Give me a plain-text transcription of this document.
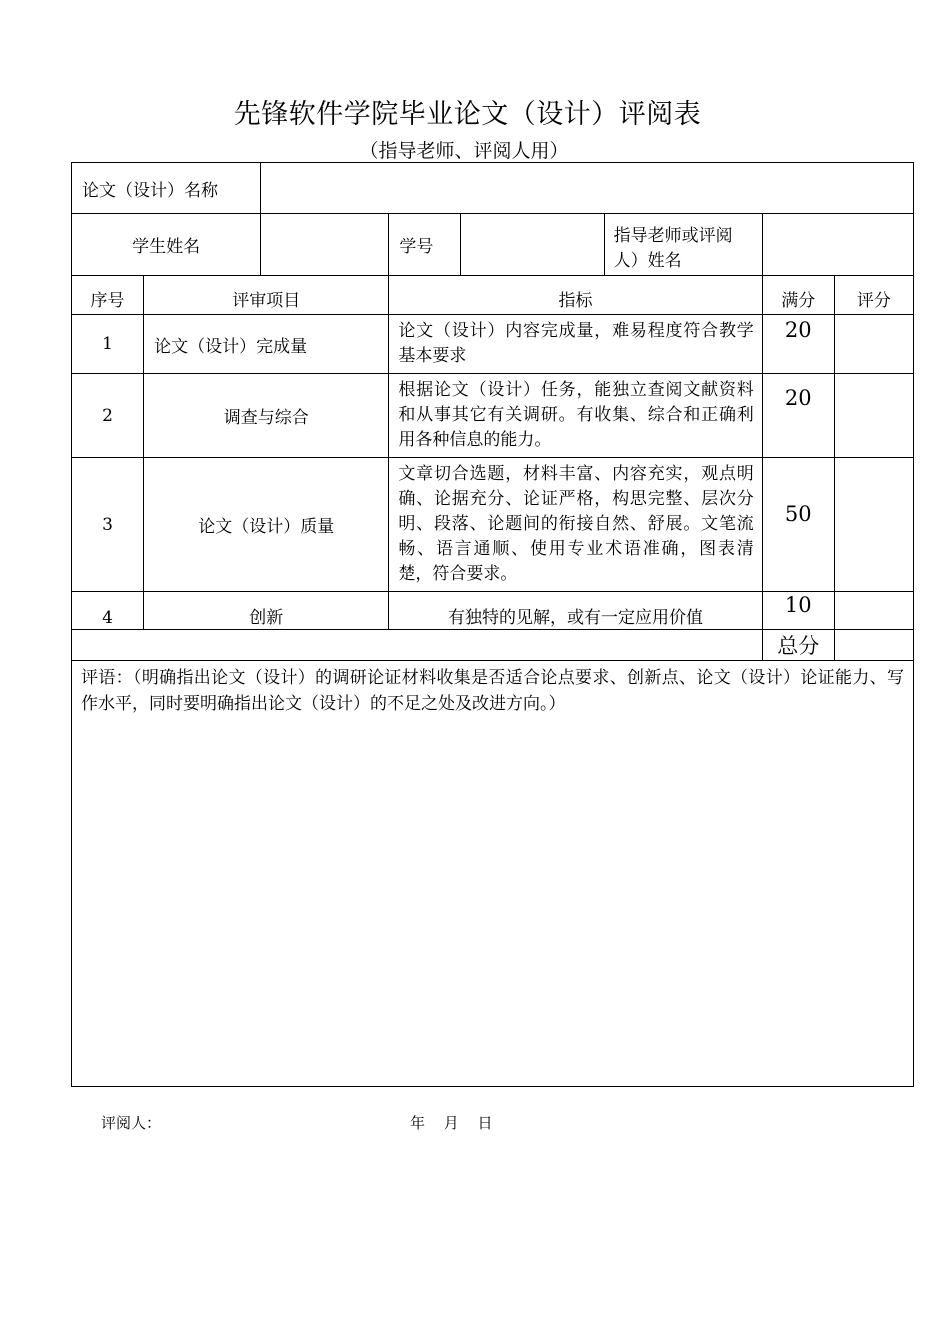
先锋软件学院毕业论文（设计）评阅表
（指导老师、评阅人用）
论文（设计）名称							
学生姓名			学号		指导老师或评阅人）姓名		
序号	评审项目		指标			满分	评分
1	论文（设计）完成量		论文（设计）内容完成量，难易程度符合教学基本要求			20	
2	调查与综合		根据论文（设计）任务，能独立查阅文献资料和从事其它有关调研。有收集、综合和正确利用各种信息的能力。			20	
3	论文（设计）质量		文章切合选题，材料丰富、内容充实，观点明确、论据充分、论证严格，构思完整、层次分明、段落、论题间的衔接自然、舒展。文笔流畅、语言通顺、使用专业术语准确，图表清楚，符合要求。			50	
4	创新		有独特的见解，或有一定应用价值			10	
						总分	
评语：（明确指出论文（设计）的调研论证材料收集是否适合论点要求、创新点、论文（设计）论证能力、写作水平，同时要明确指出论文（设计）的不足之处及改进方向。）							
评阅人：	年 月 日
